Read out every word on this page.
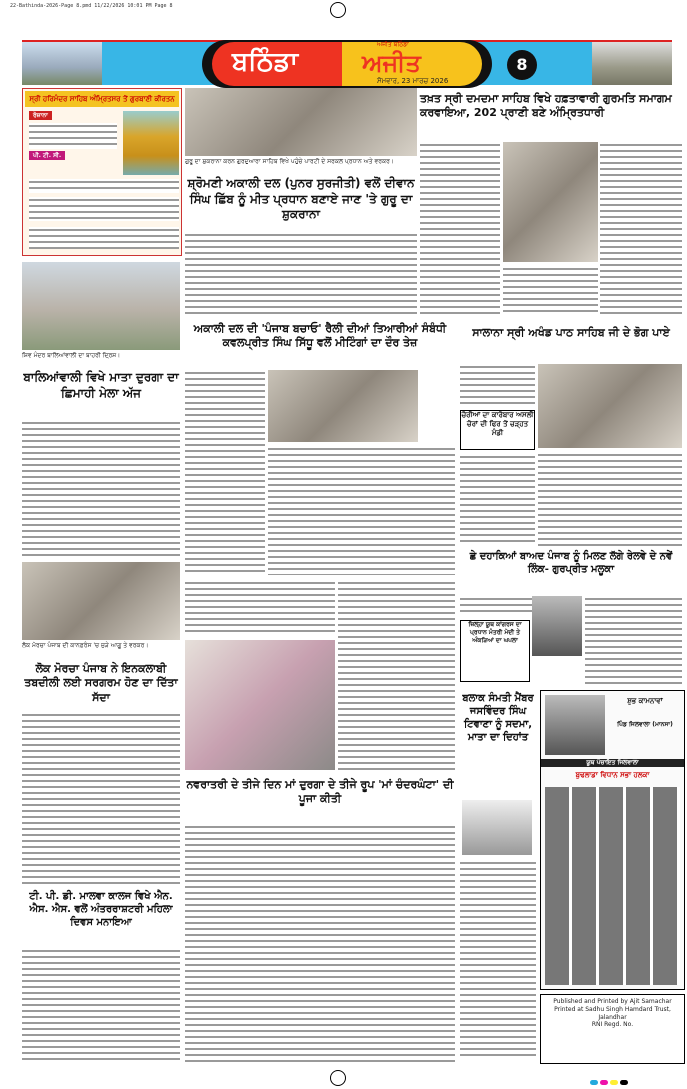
22-Bathinda-2026-Page 8.pmd 11/22/2026 10:01 PM Page 8
ਬਠਿੰਡਾ	ਅਜੀਤ
ਅਜੀਤ ਬਠਿੰਡਾ
ਸੋਮਵਾਰ, 23 ਮਾਰਚ 2026
8
ਸ੍ਰੀ ਹਰਿਮੰਦਰ ਸਾਹਿਬ ਅੰਮ੍ਰਿਤਸਰ ਤੋਂ ਗੁਰਬਾਣੀ ਕੀਰਤਨ
ਰੋਜ਼ਾਨਾ
ਪੀ. ਟੀ. ਸੀ.
ਸ਼ਿਵ ਮੰਦਰ ਬਾਲਿਆਂਵਾਲੀ ਦਾ ਬਾਹਰੀ ਦ੍ਰਿਸ਼।
ਬਾਲਿਆਂਵਾਲੀ ਵਿਖੇ ਮਾਤਾ ਦੁਰਗਾ ਦਾ ਛਿਮਾਹੀ ਮੇਲਾ ਅੱਜ
ਲੋਕ ਮੋਰਚਾ ਪੰਜਾਬ ਦੀ ਕਾਨਫ਼ਰੰਸ 'ਚ ਜੁੜੇ ਆਗੂ ਤੇ ਵਰਕਰ।
ਲੋਕ ਮੋਰਚਾ ਪੰਜਾਬ ਨੇ ਇਨਕਲਾਬੀ ਤਬਦੀਲੀ ਲਈ ਸਰਗਰਮ ਹੋਣ ਦਾ ਦਿੱਤਾ ਸੱਦਾ
ਟੀ. ਪੀ. ਡੀ. ਮਾਲਵਾ ਕਾਲਜ ਵਿਖੇ ਐਨ. ਐਸ. ਐਸ. ਵਲੋਂ ਅੰਤਰਰਾਸ਼ਟਰੀ ਮਹਿਲਾ ਦਿਵਸ ਮਨਾਇਆ
ਗੁਰੂ ਦਾ ਸ਼ੁਕਰਾਨਾ ਕਰਨ ਗੁਰਦੁਆਰਾ ਸਾਹਿਬ ਵਿਖੇ ਪਹੁੰਚੇ ਪਾਰਟੀ ਦੇ ਸਰਕਲ ਪ੍ਰਧਾਨ ਅਤੇ ਵਰਕਰ।
ਸ਼੍ਰੋਮਣੀ ਅਕਾਲੀ ਦਲ (ਪੁਨਰ ਸੁਰਜੀਤੀ) ਵਲੋਂ ਦੀਵਾਨ ਸਿੰਘ ਛਿੱਬ ਨੂੰ ਮੀਤ ਪ੍ਰਧਾਨ ਬਣਾਏ ਜਾਣ 'ਤੇ ਗੁਰੂ ਦਾ ਸ਼ੁਕਰਾਨਾ
ਅਕਾਲੀ ਦਲ ਦੀ 'ਪੰਜਾਬ ਬਚਾਓ' ਰੈਲੀ ਦੀਆਂ ਤਿਆਰੀਆਂ ਸੰਬੰਧੀ ਕਵਲਪ੍ਰੀਤ ਸਿੰਘ ਸਿੱਧੂ ਵਲੋਂ ਮੀਟਿੰਗਾਂ ਦਾ ਦੌਰ ਤੇਜ਼
ਨਵਰਾਤਰੀ ਦੇ ਤੀਜੇ ਦਿਨ ਮਾਂ ਦੁਰਗਾ ਦੇ ਤੀਜੇ ਰੂਪ 'ਮਾਂ ਚੰਦਰਘੰਟਾ' ਦੀ ਪੂਜਾ ਕੀਤੀ
ਤਖ਼ਤ ਸ੍ਰੀ ਦਮਦਮਾ ਸਾਹਿਬ ਵਿਖੇ ਹਫ਼ਤਾਵਾਰੀ ਗੁਰਮਤਿ ਸਮਾਗਮ ਕਰਵਾਇਆ, 202 ਪ੍ਰਾਣੀ ਬਣੇ ਅੰਮ੍ਰਿਤਧਾਰੀ
ਸਾਲਾਨਾ ਸ੍ਰੀ ਅਖੰਡ ਪਾਠ ਸਾਹਿਬ ਜੀ ਦੇ ਭੋਗ ਪਾਏ
ਚੋਰੀਆਂ ਦਾ ਕਾਰੋਬਾਰ ਅਸਲੀ ਚੋਰਾਂ ਦੀ ਫਿਰ ਤੋਂ ਚੜ੍ਹਤ ਮੰਡੀ
ਛੇ ਦਹਾਕਿਆਂ ਬਾਅਦ ਪੰਜਾਬ ਨੂੰ ਮਿਲਣ ਲੱਗੇ ਰੇਲਵੇ ਦੇ ਨਵੇਂ ਲਿੰਕ- ਗੁਰਪ੍ਰੀਤ ਮਲੂਕਾ
ਜ਼ਿਲ੍ਹਾ ਯੂਥ ਕਾਂਗਰਸ ਦਾ ਪ੍ਰਧਾਨ ਮੰਤਰੀ ਮੋਦੀ ਤੇ ਅੰਕੜਿਆਂ ਦਾ ਘਪਲਾ
ਬਲਾਕ ਸੰਮਤੀ ਮੈਂਬਰ ਜਸਵਿੰਦਰ ਸਿੰਘ ਟਿਵਾਣਾ ਨੂੰ ਸਦਮਾ, ਮਾਤਾ ਦਾ ਦਿਹਾਂਤ
ਸ਼ੁਭ ਕਾਮਨਾਵਾਂ
ਪਿੰਡ ਜਿਲਵਾਲਾ (ਮਾਨਸਾ)
ਯੂਥ ਪੰਚਾਇਤ ਜਿਲਵਾਲਾ
ਬੁਢਲਾਡਾ ਵਿਧਾਨ ਸਭਾ ਹਲਕਾ
Published and Printed by Ajit Samachar
Printed at Sadhu Singh Hamdard Trust, Jalandhar
RNI Regd. No.
